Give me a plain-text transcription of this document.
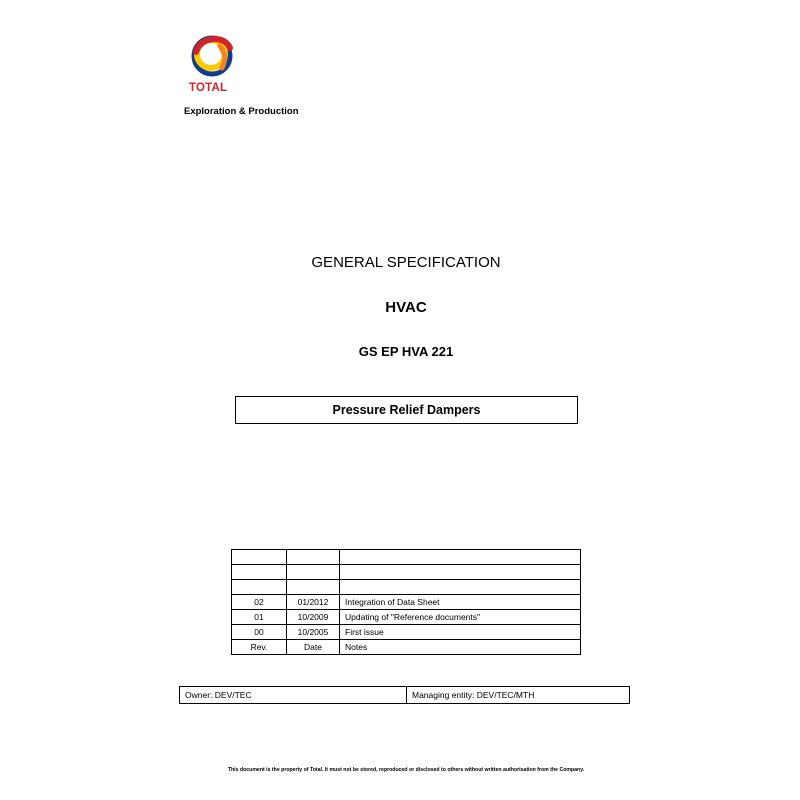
TOTAL
Exploration & Production
GENERAL SPECIFICATION
HVAC
GS EP HVA 221
Pressure Relief Dampers

02	01/2012	Integration of Data Sheet
01	10/2009	Updating of "Reference documents"
00	10/2005	First issue
Rev.	Date	Notes
Owner: DEV/TEC	Managing entity: DEV/TEC/MTH
This document is the property of Total. It must not be stored, reproduced or disclosed to others without written authorisation from the Company.
